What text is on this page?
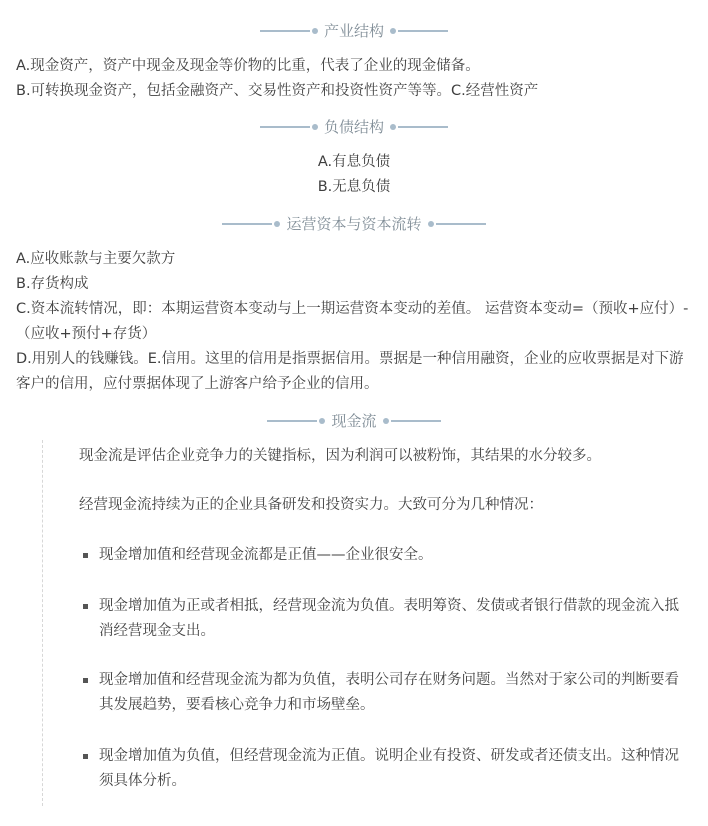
产业结构

A.现金资产，资产中现金及现金等价物的比重，代表了企业的现金储备。

B.可转换现金资产，包括金融资产、交易性资产和投资性资产等等。C.经营性资产

负债结构

A.有息负债

B.无息负债

运营资本与资本流转

A.应收账款与主要欠款方

B.存货构成

C.资本流转情况，即：本期运营资本变动与上一期运营资本变动的差值。 运营资本变动=（预收+应付）-（应收+预付+存货）

D.用别人的钱赚钱。E.信用。这里的信用是指票据信用。票据是一种信用融资，企业的应收票据是对下游客户的信用，应付票据体现了上游客户给予企业的信用。

现金流

现金流是评估企业竞争力的关键指标，因为利润可以被粉饰，其结果的水分较多。

经营现金流持续为正的企业具备研发和投资实力。大致可分为几种情况：

现金增加值和经营现金流都是正值——企业很安全。
现金增加值为正或者相抵，经营现金流为负值。表明筹资、发债或者银行借款的现金流入抵消经营现金支出。
现金增加值和经营现金流为都为负值，表明公司存在财务问题。当然对于家公司的判断要看其发展趋势，要看核心竞争力和市场壁垒。
现金增加值为负值，但经营现金流为正值。说明企业有投资、研发或者还债支出。这种情况须具体分析。
